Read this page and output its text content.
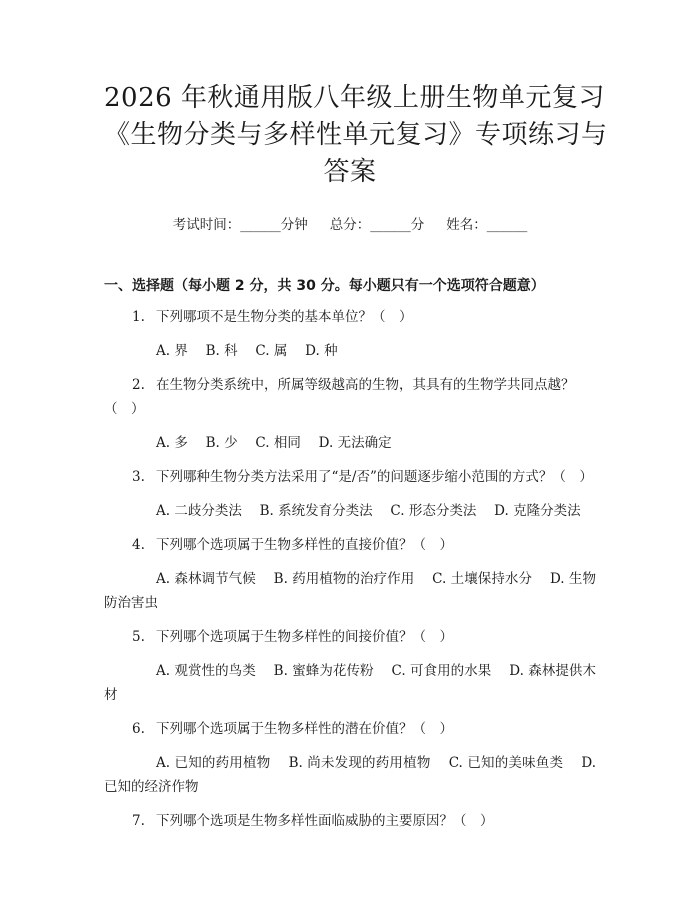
2026 年秋通用版八年级上册生物单元复习
《生物分类与多样性单元复习》专项练习与
答案
考试时间：______分钟 总分：______分 姓名：______
一、选择题（每小题 2 分，共 30 分。每小题只有一个选项符合题意）
1. 下列哪项不是生物分类的基本单位？（　）
A. 界　 B. 科　 C. 属　 D. 种
2. 在生物分类系统中，所属等级越高的生物，其具有的生物学共同点越？（　）
A. 多　 B. 少　 C. 相同　 D. 无法确定
3. 下列哪种生物分类方法采用了“是/否”的问题逐步缩小范围的方式？（　）
A. 二歧分类法　 B. 系统发育分类法　 C. 形态分类法　 D. 克隆分类法
4. 下列哪个选项属于生物多样性的直接价值？（　）
A. 森林调节气候　 B. 药用植物的治疗作用　 C. 土壤保持水分　 D. 生物防治害虫
5. 下列哪个选项属于生物多样性的间接价值？（　）
A. 观赏性的鸟类　 B. 蜜蜂为花传粉　 C. 可食用的水果　 D. 森林提供木材
6. 下列哪个选项属于生物多样性的潜在价值？（　）
A. 已知的药用植物　 B. 尚未发现的药用植物　 C. 已知的美味鱼类　 D. 已知的经济作物
7. 下列哪个选项是生物多样性面临威胁的主要原因？（　）
